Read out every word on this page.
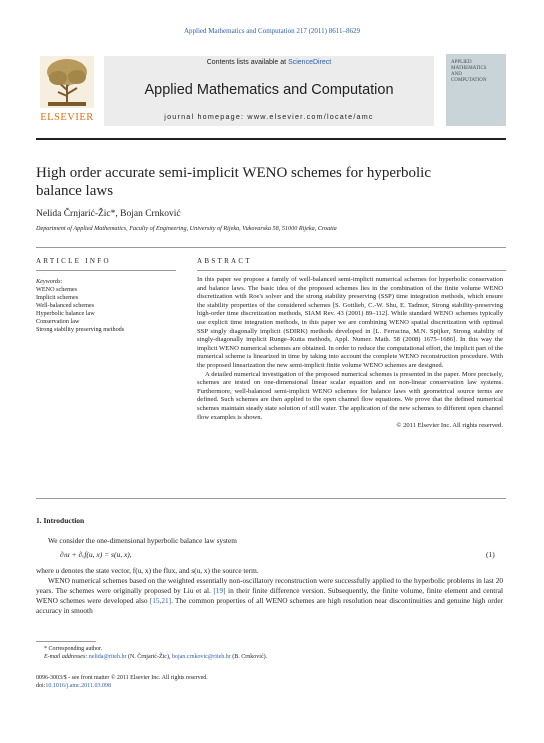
Applied Mathematics and Computation 217 (2011) 8611–8629
ELSEVIER
Contents lists available at ScienceDirect
Applied Mathematics and Computation
journal homepage: www.elsevier.com/locate/amc
APPLIED
MATHEMATICS
AND
COMPUTATION
High order accurate semi-implicit WENO schemes for hyperbolic
balance laws
Nelida Črnjarić-Žic*, Bojan Crnković
Department of Applied Mathematics, Faculty of Engineering, University of Rijeka, Vukovarska 58, 51000 Rijeka, Croatia
ARTICLE INFO
Keywords:
WENO schemes
Implicit schemes
Well-balanced schemes
Hyperbolic balance law
Conservation law
Strong stability preserving methods
ABSTRACT

In this paper we propose a family of well-balanced semi-implicit numerical schemes for hyperbolic conservation and balance laws. The basic idea of the proposed schemes lies in the combination of the finite volume WENO discretization with Roe's solver and the strong stability preserving (SSP) time integration methods, which ensure the stability properties of the considered schemes [S. Gottlieb, C.-W. Shu, E. Tadmor, Strong stability-preserving high-order time discretization methods, SIAM Rev. 43 (2001) 89–112]. While standard WENO schemes typically use explicit time integration methods, in this paper we are combining WENO spatial discretization with optimal SSP singly diagonally implicit (SDIRK) methods developed in [L. Ferracina, M.N. Spijker, Strong stability of singly-diagonally implicit Runge–Kutta methods, Appl. Numer. Math. 58 (2008) 1675–1686]. In this way the implicit WENO numerical schemes are obtained. In order to reduce the computational effort, the implicit part of the numerical scheme is linearized in time by taking into account the complete WENO reconstruction procedure. With the proposed linearization the new semi-implicit finite volume WENO schemes are designed.

A detailed numerical investigation of the proposed numerical schemes is presented in the paper. More precisely, schemes are tested on one-dimensional linear scalar equation and on non-linear conservation law systems. Furthermore, well-balanced semi-implicit WENO schemes for balance laws with geometrical source terms are defined. Such schemes are then applied to the open channel flow equations. We prove that the defined numerical schemes maintain steady state solution of still water. The application of the new schemes to different open channel flow examples is shown.

© 2011 Elsevier Inc. All rights reserved.
1. Introduction

We consider the one-dimensional hyperbolic balance law system

∂ₜu + ∂ₓf(u, x) = s(u, x),	(1)

where u denotes the state vector, f(u, x) the flux, and s(u, x) the source term.

WENO numerical schemes based on the weighted essentially non-oscillatory reconstruction were successfully applied to the hyperbolic problems in last 20 years. The schemes were originally proposed by Liu et al. [19] in their finite difference version. Subsequently, the finite volume, finite element and central WENO schemes were developed also [15,21]. The common properties of all WENO schemes are high resolution near discontinuities and genuine high order accuracy in smooth

* Corresponding author.
E-mail addresses: nelida@riteh.hr (N. Črnjarić-Žic), bojan.crnkovic@riteh.hr (B. Crnković).
0096-3003/$ - see front matter © 2011 Elsevier Inc. All rights reserved.
doi:10.1016/j.amc.2011.03.098
